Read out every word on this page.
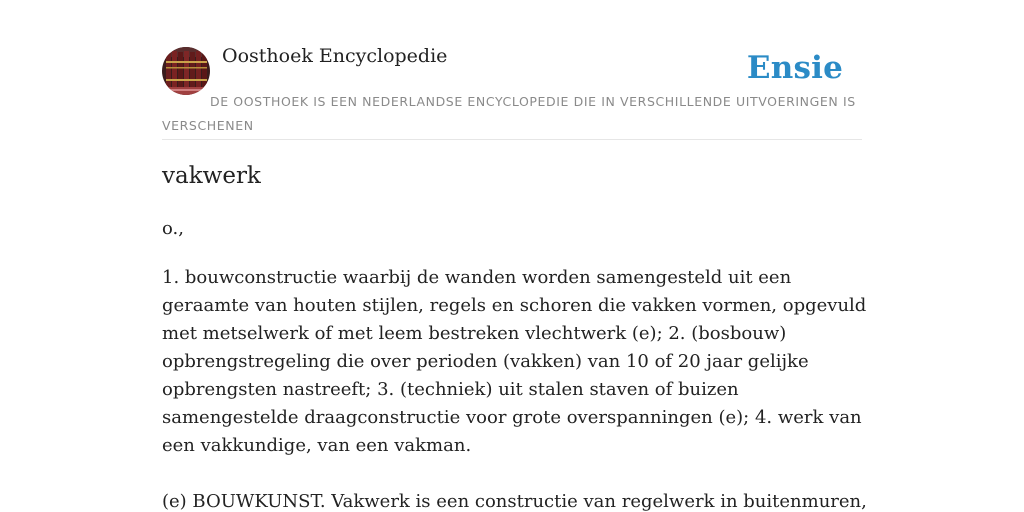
Oosthoek Encyclopedie	Ensie
DE OOSTHOEK IS EEN NEDERLANDSE ENCYCLOPEDIE DIE IN VERSCHILLENDE UITVOERINGEN IS VERSCHENEN
vakwerk
o.,

1. bouwconstructie waarbij de wanden worden samengesteld uit een geraamte van houten stijlen, regels en schoren die vakken vormen, opgevuld met metselwerk of met leem bestreken vlechtwerk (e); 2. (bosbouw) opbrengstregeling die over perioden (vakken) van 10 of 20 jaar gelijke opbrengsten nastreeft; 3. (techniek) uit stalen staven of buizen samengestelde draagconstructie voor grote overspanningen (e); 4. werk van een vakkundige, van een vakman.

(e) BOUWKUNST. Vakwerk is een constructie van regelwerk in buitenmuren,
